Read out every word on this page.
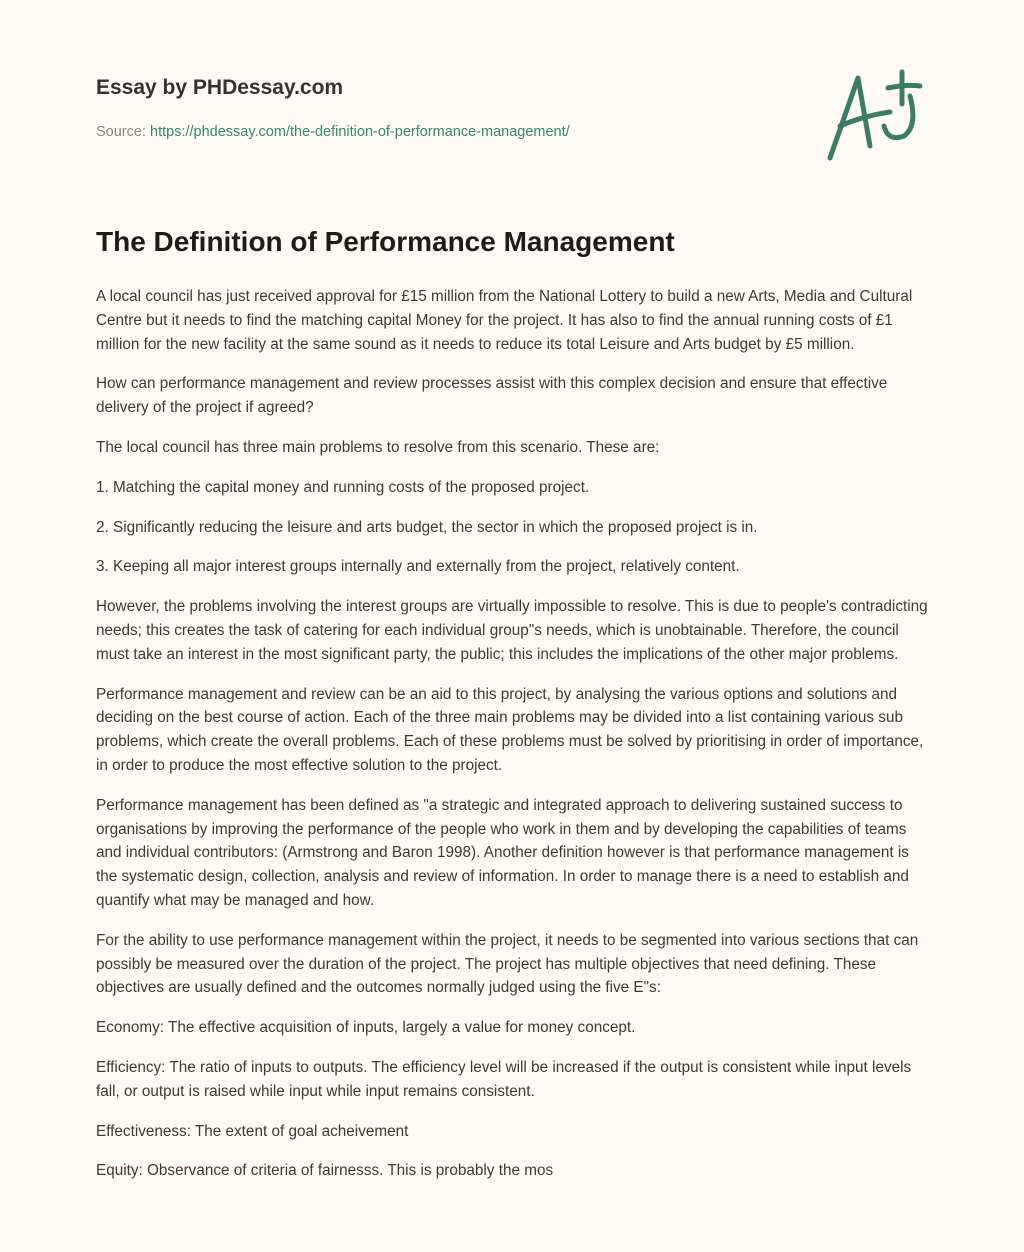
Essay by PHDessay.com
Source: https://phdessay.com/the-definition-of-performance-management/
The Definition of Performance Management

A local council has just received approval for £15 million from the National Lottery to build a new Arts, Media and Cultural Centre but it needs to find the matching capital Money for the project. It has also to find the annual running costs of £1 million for the new facility at the same sound as it needs to reduce its total Leisure and Arts budget by £5 million.

How can performance management and review processes assist with this complex decision and ensure that effective delivery of the project if agreed?

The local council has three main problems to resolve from this scenario. These are:

1. Matching the capital money and running costs of the proposed project.

2. Significantly reducing the leisure and arts budget, the sector in which the proposed project is in.

3. Keeping all major interest groups internally and externally from the project, relatively content.

However, the problems involving the interest groups are virtually impossible to resolve. This is due to people's contradicting needs; this creates the task of catering for each individual group"s needs, which is unobtainable. Therefore, the council must take an interest in the most significant party, the public; this includes the implications of the other major problems.

Performance management and review can be an aid to this project, by analysing the various options and solutions and deciding on the best course of action. Each of the three main problems may be divided into a list containing various sub problems, which create the overall problems. Each of these problems must be solved by prioritising in order of importance, in order to produce the most effective solution to the project.

Performance management has been defined as "a strategic and integrated approach to delivering sustained success to organisations by improving the performance of the people who work in them and by developing the capabilities of teams and individual contributors: (Armstrong and Baron 1998). Another definition however is that performance management is the systematic design, collection, analysis and review of information. In order to manage there is a need to establish and quantify what may be managed and how.

For the ability to use performance management within the project, it needs to be segmented into various sections that can possibly be measured over the duration of the project. The project has multiple objectives that need defining. These objectives are usually defined and the outcomes normally judged using the five E"s:

Economy: The effective acquisition of inputs, largely a value for money concept.

Efficiency: The ratio of inputs to outputs. The efficiency level will be increased if the output is consistent while input levels fall, or output is raised while input while input remains consistent.

Effectiveness: The extent of goal acheivement

Equity: Observance of criteria of fairnesss. This is probably the mos
